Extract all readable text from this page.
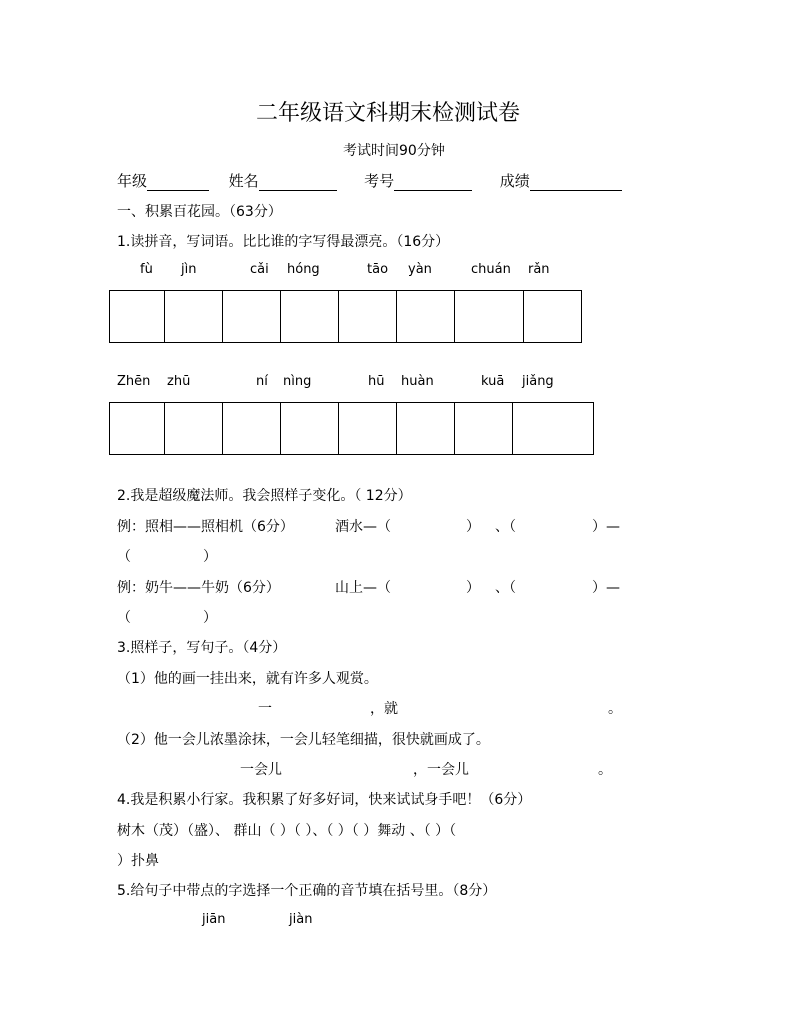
二年级语文科期末检测试卷
考试时间90分钟
年级	姓名	考号	成绩
一、积累百花园。（63分）
1.读拼音，写词语。比比谁的字写得最漂亮。（16分）
fù jìn	cǎi hóng	tāo yàn	chuán rǎn

Zhēn zhū	ní nìng	hū huàn	kuā jiǎng

2.我是超级魔法师。我会照样子变化。（ 12分）
例：照相——照相机（6分）	酒水—（	） 、（	）—
（	）
例：奶牛——牛奶（6分）	山上—（	） 、（	）—
（	）
3.照样子，写句子。（4分）
（1）他的画一挂出来，就有许多人观赏。
一	，就	。
（2）他一会儿浓墨涂抹，一会儿轻笔细描，很快就画成了。
一会儿	，一会儿	。
4.我是积累小行家。我积累了好多好词，快来试试身手吧！（6分）
树木（茂）（盛）、 群山（ ）（ ）、（ ）（ ）舞动 、（ ）（
）扑鼻
5.给句子中带点的字选择一个正确的音节填在括号里。（8分）
jiān	jiàn
